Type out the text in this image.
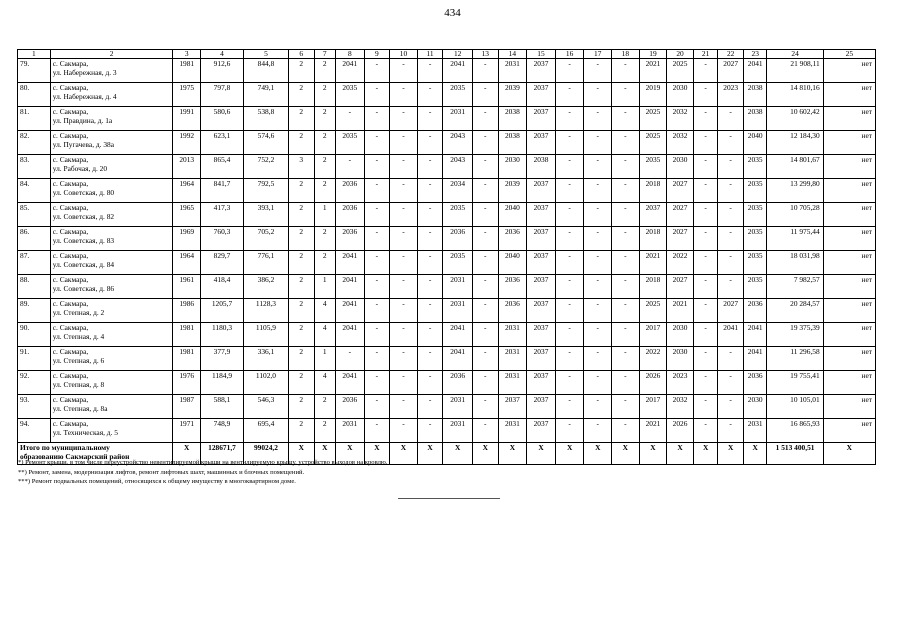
434
1	2	3	4	5	6	7	8	9	10	11	12	13	14	15	16	17	18	19	20	21	22	23	24	25
79.	с. Сакмара,
ул. Набережная, д. 3	1981	912,6	844,8	2	2	2041	-	-	-	2041	-	2031	2037	-	-	-	2021	2025	-	2027	2041	21 908,11	нет
80.	с. Сакмара,
ул. Набережная, д. 4	1975	797,8	749,1	2	2	2035	-	-	-	2035	-	2039	2037	-	-	-	2019	2030	-	2023	2038	14 810,16	нет
81.	с. Сакмара,
ул. Правдина, д. 1а	1991	580,6	538,8	2	2	-	-	-	-	2031	-	2038	2037	-	-	-	2025	2032	-	-	2038	10 602,42	нет
82.	с. Сакмара,
ул. Пугачева, д. 38а	1992	623,1	574,6	2	2	2035	-	-	-	2043	-	2038	2037	-	-	-	2025	2032	-	-	2040	12 184,30	нет
83.	с. Сакмара,
ул. Рабочая, д. 20	2013	865,4	752,2	3	2	-	-	-	-	2043	-	2030	2038	-	-	-	2035	2030	-	-	2035	14 801,67	нет
84.	с. Сакмара,
ул. Советская, д. 80	1964	841,7	792,5	2	2	2036	-	-	-	2034	-	2039	2037	-	-	-	2018	2027	-	-	2035	13 299,80	нет
85.	с. Сакмара,
ул. Советская, д. 82	1965	417,3	393,1	2	1	2036	-	-	-	2035	-	2040	2037	-	-	-	2037	2027	-	-	2035	10 705,28	нет
86.	с. Сакмара,
ул. Советская, д. 83	1969	760,3	705,2	2	2	2036	-	-	-	2036	-	2036	2037	-	-	-	2018	2027	-	-	2035	11 975,44	нет
87.	с. Сакмара,
ул. Советская, д. 84	1964	829,7	776,1	2	2	2041	-	-	-	2035	-	2040	2037	-	-	-	2021	2022	-	-	2035	18 031,98	нет
88.	с. Сакмара,
ул. Советская, д. 86	1961	418,4	386,2	2	1	2041	-	-	-	2031	-	2036	2037	-	-	-	2018	2027	-	-	2035	7 982,57	нет
89.	с. Сакмара,
ул. Степная, д. 2	1986	1205,7	1128,3	2	4	2041	-	-	-	2031	-	2036	2037	-	-	-	2025	2021	-	2027	2036	20 284,57	нет
90.	с. Сакмара,
ул. Степная, д. 4	1981	1180,3	1105,9	2	4	2041	-	-	-	2041	-	2031	2037	-	-	-	2017	2030	-	2041	2041	19 375,39	нет
91.	с. Сакмара,
ул. Степная, д. 6	1981	377,9	336,1	2	1	-	-	-	-	2041	-	2031	2037	-	-	-	2022	2030	-	-	2041	11 296,58	нет
92.	с. Сакмара,
ул. Степная, д. 8	1976	1184,9	1102,0	2	4	2041	-	-	-	2036	-	2031	2037	-	-	-	2026	2023	-	-	2036	19 755,41	нет
93.	с. Сакмара,
ул. Степная, д. 8а	1987	588,1	546,3	2	2	2036	-	-	-	2031	-	2037	2037	-	-	-	2017	2032	-	-	2030	10 105,01	нет
94.	с. Сакмара,
ул. Техническая, д. 5	1971	748,9	695,4	2	2	2031	-	-	-	2031	-	2031	2037	-	-	-	2021	2026	-	-	2031	16 865,93	нет

Итого по муниципальному
образованию Сакмарский район		X	128671,7	99024,2	X	X	X	X	X	X	X	X	X	X	X	X	X	X	X	X	X	X	1 513 400,51	X
*) Ремонт крыши, в том числе переустройство невентилируемой крыши на вентилируемую крышу, устройство выходов на кровлю.
**) Ремонт, замена, модернизация лифтов, ремонт лифтовых шахт, машинных и блочных помещений.
***) Ремонт подвальных помещений, относящихся к общему имуществу в многоквартирном доме.
